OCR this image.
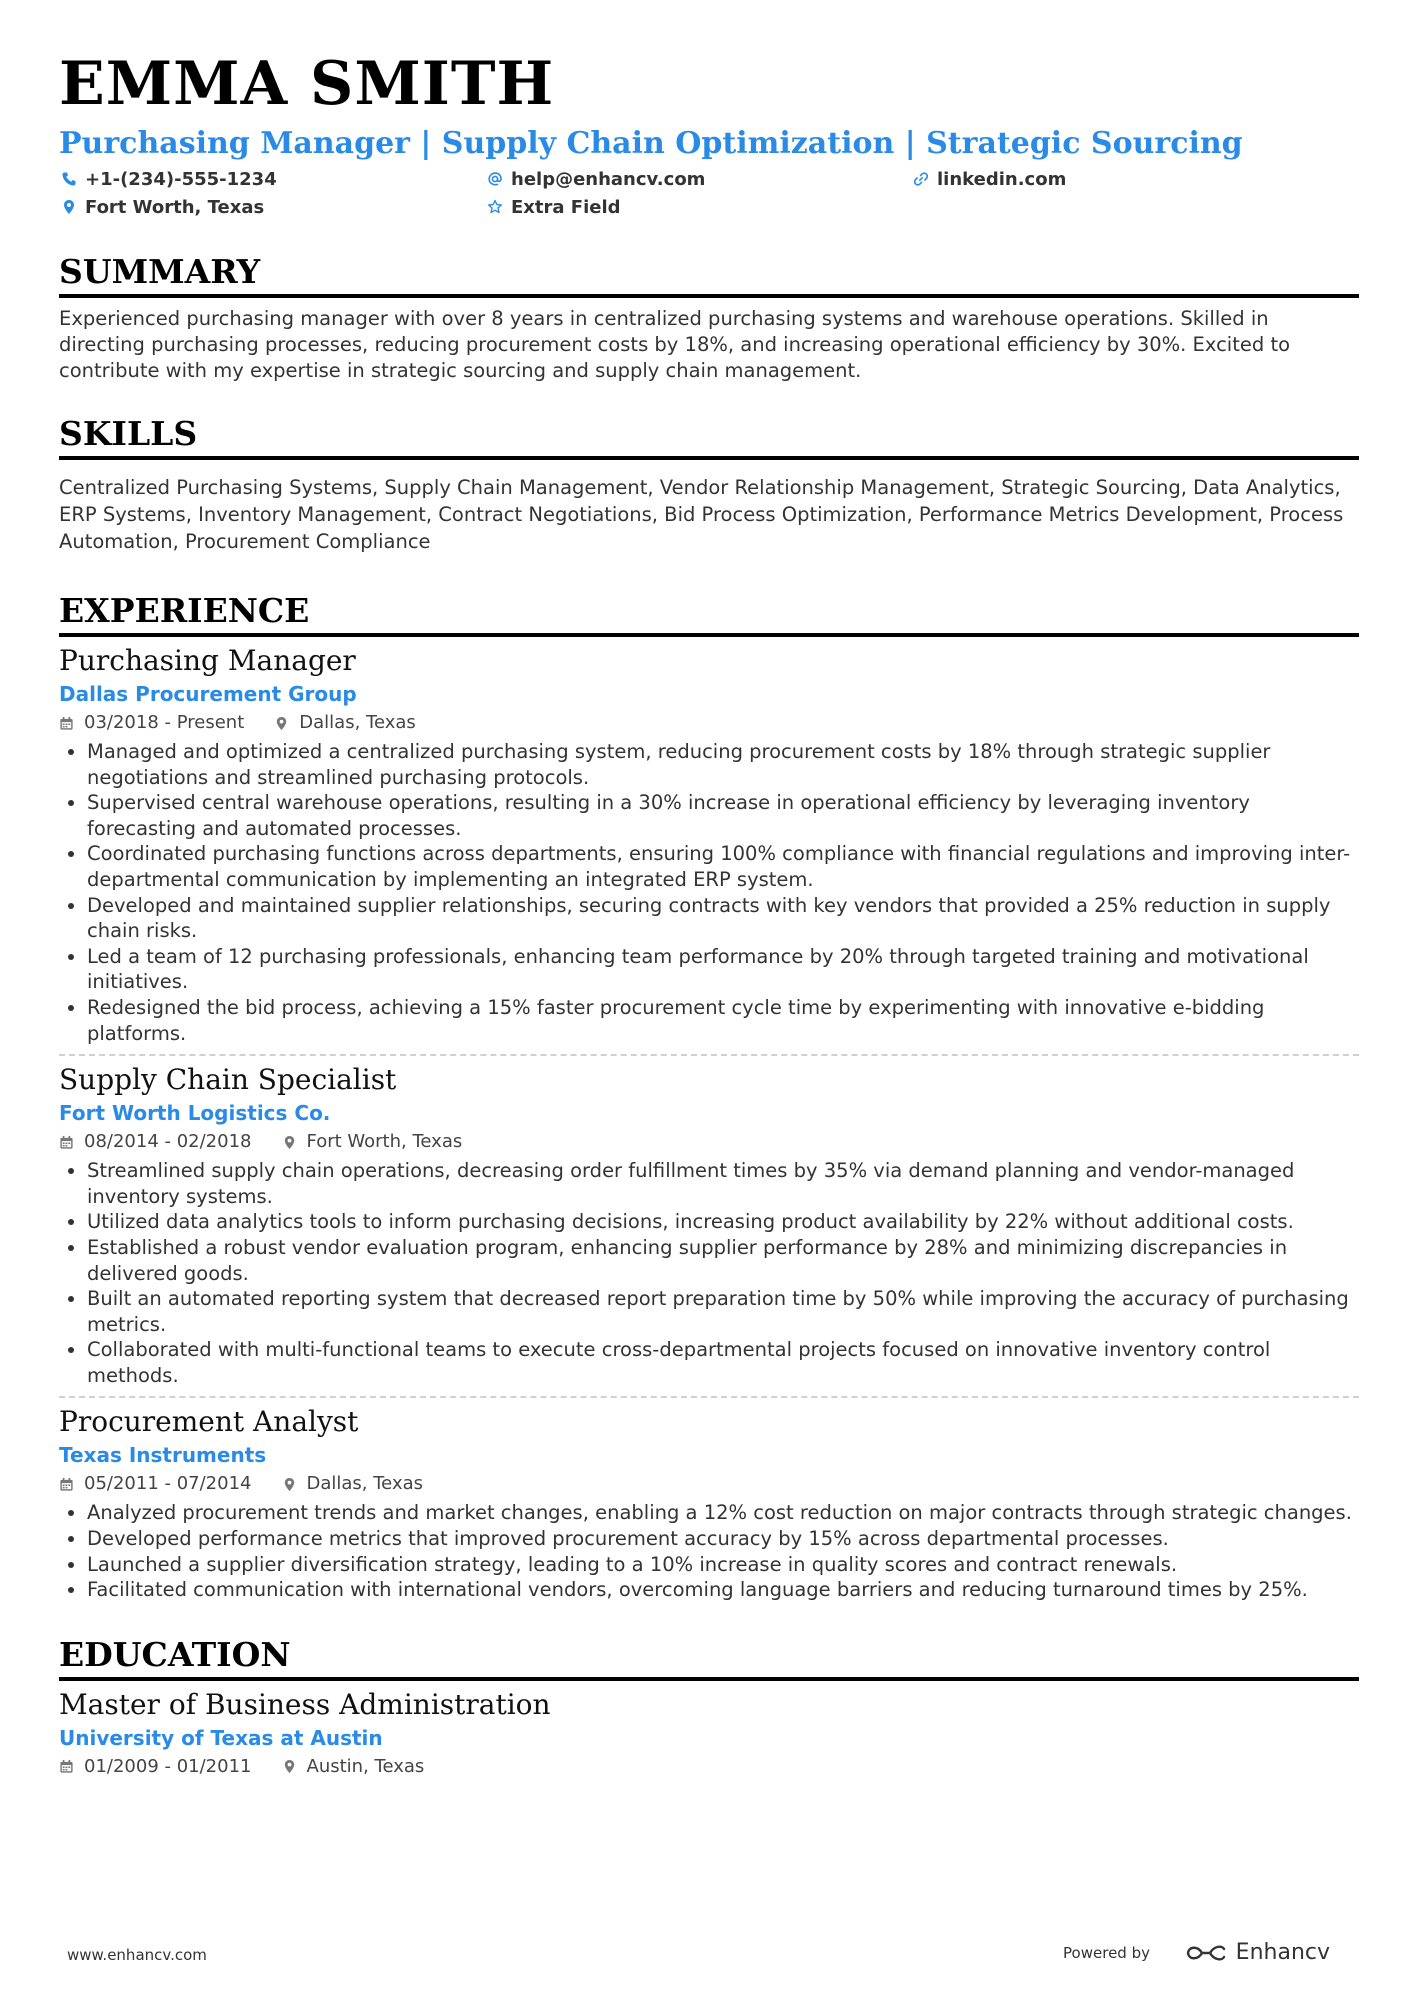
EMMA SMITH
Purchasing Manager | Supply Chain Optimization | Strategic Sourcing
+1-(234)-555-1234	help@enhancv.com	linkedin.com
Fort Worth, Texas	Extra Field
SUMMARY
Experienced purchasing manager with over 8 years in centralized purchasing systems and warehouse operations. Skilled in directing purchasing processes, reducing procurement costs by 18%, and increasing operational efficiency by 30%. Excited to contribute with my expertise in strategic sourcing and supply chain management.
SKILLS
Centralized Purchasing Systems, Supply Chain Management, Vendor Relationship Management, Strategic Sourcing, Data Analytics, ERP Systems, Inventory Management, Contract Negotiations, Bid Process Optimization, Performance Metrics Development, Process Automation, Procurement Compliance
EXPERIENCE
Purchasing Manager
Dallas Procurement Group
03/2018 - Present	Dallas, Texas
• Managed and optimized a centralized purchasing system, reducing procurement costs by 18% through strategic supplier negotiations and streamlined purchasing protocols.
• Supervised central warehouse operations, resulting in a 30% increase in operational efficiency by leveraging inventory forecasting and automated processes.
• Coordinated purchasing functions across departments, ensuring 100% compliance with financial regulations and improving inter-departmental communication by implementing an integrated ERP system.
• Developed and maintained supplier relationships, securing contracts with key vendors that provided a 25% reduction in supply chain risks.
• Led a team of 12 purchasing professionals, enhancing team performance by 20% through targeted training and motivational initiatives.
• Redesigned the bid process, achieving a 15% faster procurement cycle time by experimenting with innovative e-bidding platforms.
Supply Chain Specialist
Fort Worth Logistics Co.
08/2014 - 02/2018	Fort Worth, Texas
• Streamlined supply chain operations, decreasing order fulfillment times by 35% via demand planning and vendor-managed inventory systems.
• Utilized data analytics tools to inform purchasing decisions, increasing product availability by 22% without additional costs.
• Established a robust vendor evaluation program, enhancing supplier performance by 28% and minimizing discrepancies in delivered goods.
• Built an automated reporting system that decreased report preparation time by 50% while improving the accuracy of purchasing metrics.
• Collaborated with multi-functional teams to execute cross-departmental projects focused on innovative inventory control methods.
Procurement Analyst
Texas Instruments
05/2011 - 07/2014	Dallas, Texas
• Analyzed procurement trends and market changes, enabling a 12% cost reduction on major contracts through strategic changes.
• Developed performance metrics that improved procurement accuracy by 15% across departmental processes.
• Launched a supplier diversification strategy, leading to a 10% increase in quality scores and contract renewals.
• Facilitated communication with international vendors, overcoming language barriers and reducing turnaround times by 25%.
EDUCATION
Master of Business Administration
University of Texas at Austin
01/2009 - 01/2011	Austin, Texas
www.enhancv.com	Powered by	Enhancv
